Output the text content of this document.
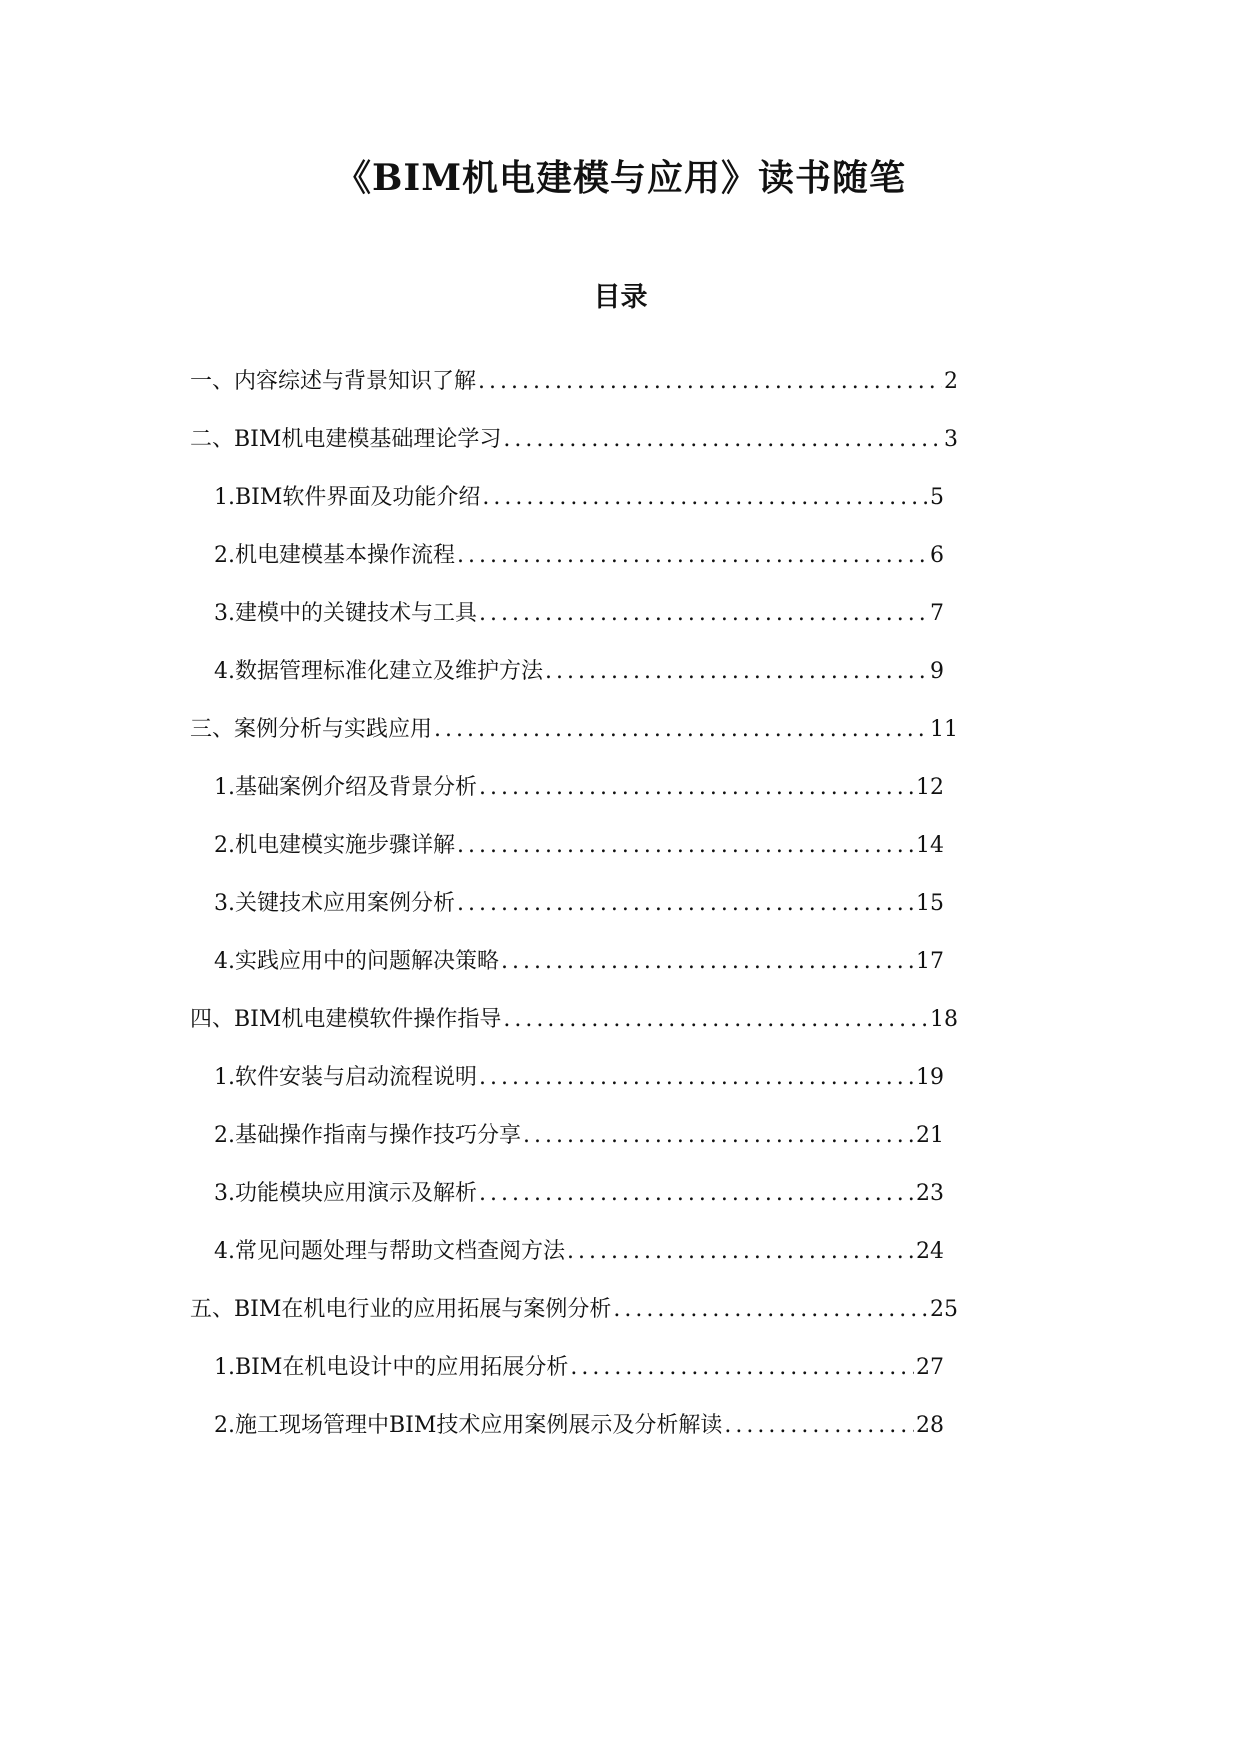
《BIM机电建模与应用》读书随笔
目录
一、内容综述与背景知识了解 .....	2
二、BIM机电建模基础理论学习 .....	3
1. BIM软件界面及功能介绍 .....	5
2. 机电建模基本操作流程 .....	6
3. 建模中的关键技术与工具 .....	7
4. 数据管理标准化建立及维护方法 .....	9
三、案例分析与实践应用 .....	11
1. 基础案例介绍及背景分析 .....	12
2. 机电建模实施步骤详解 .....	14
3. 关键技术应用案例分析 .....	15
4. 实践应用中的问题解决策略 .....	17
四、BIM机电建模软件操作指导 .....	18
1. 软件安装与启动流程说明 .....	19
2. 基础操作指南与操作技巧分享 .....	21
3. 功能模块应用演示及解析 .....	23
4. 常见问题处理与帮助文档查阅方法 .....	24
五、BIM在机电行业的应用拓展与案例分析 .....	25
1. BIM在机电设计中的应用拓展分析 .....	27
2. 施工现场管理中BIM技术应用案例展示及分析解读 .....	28
